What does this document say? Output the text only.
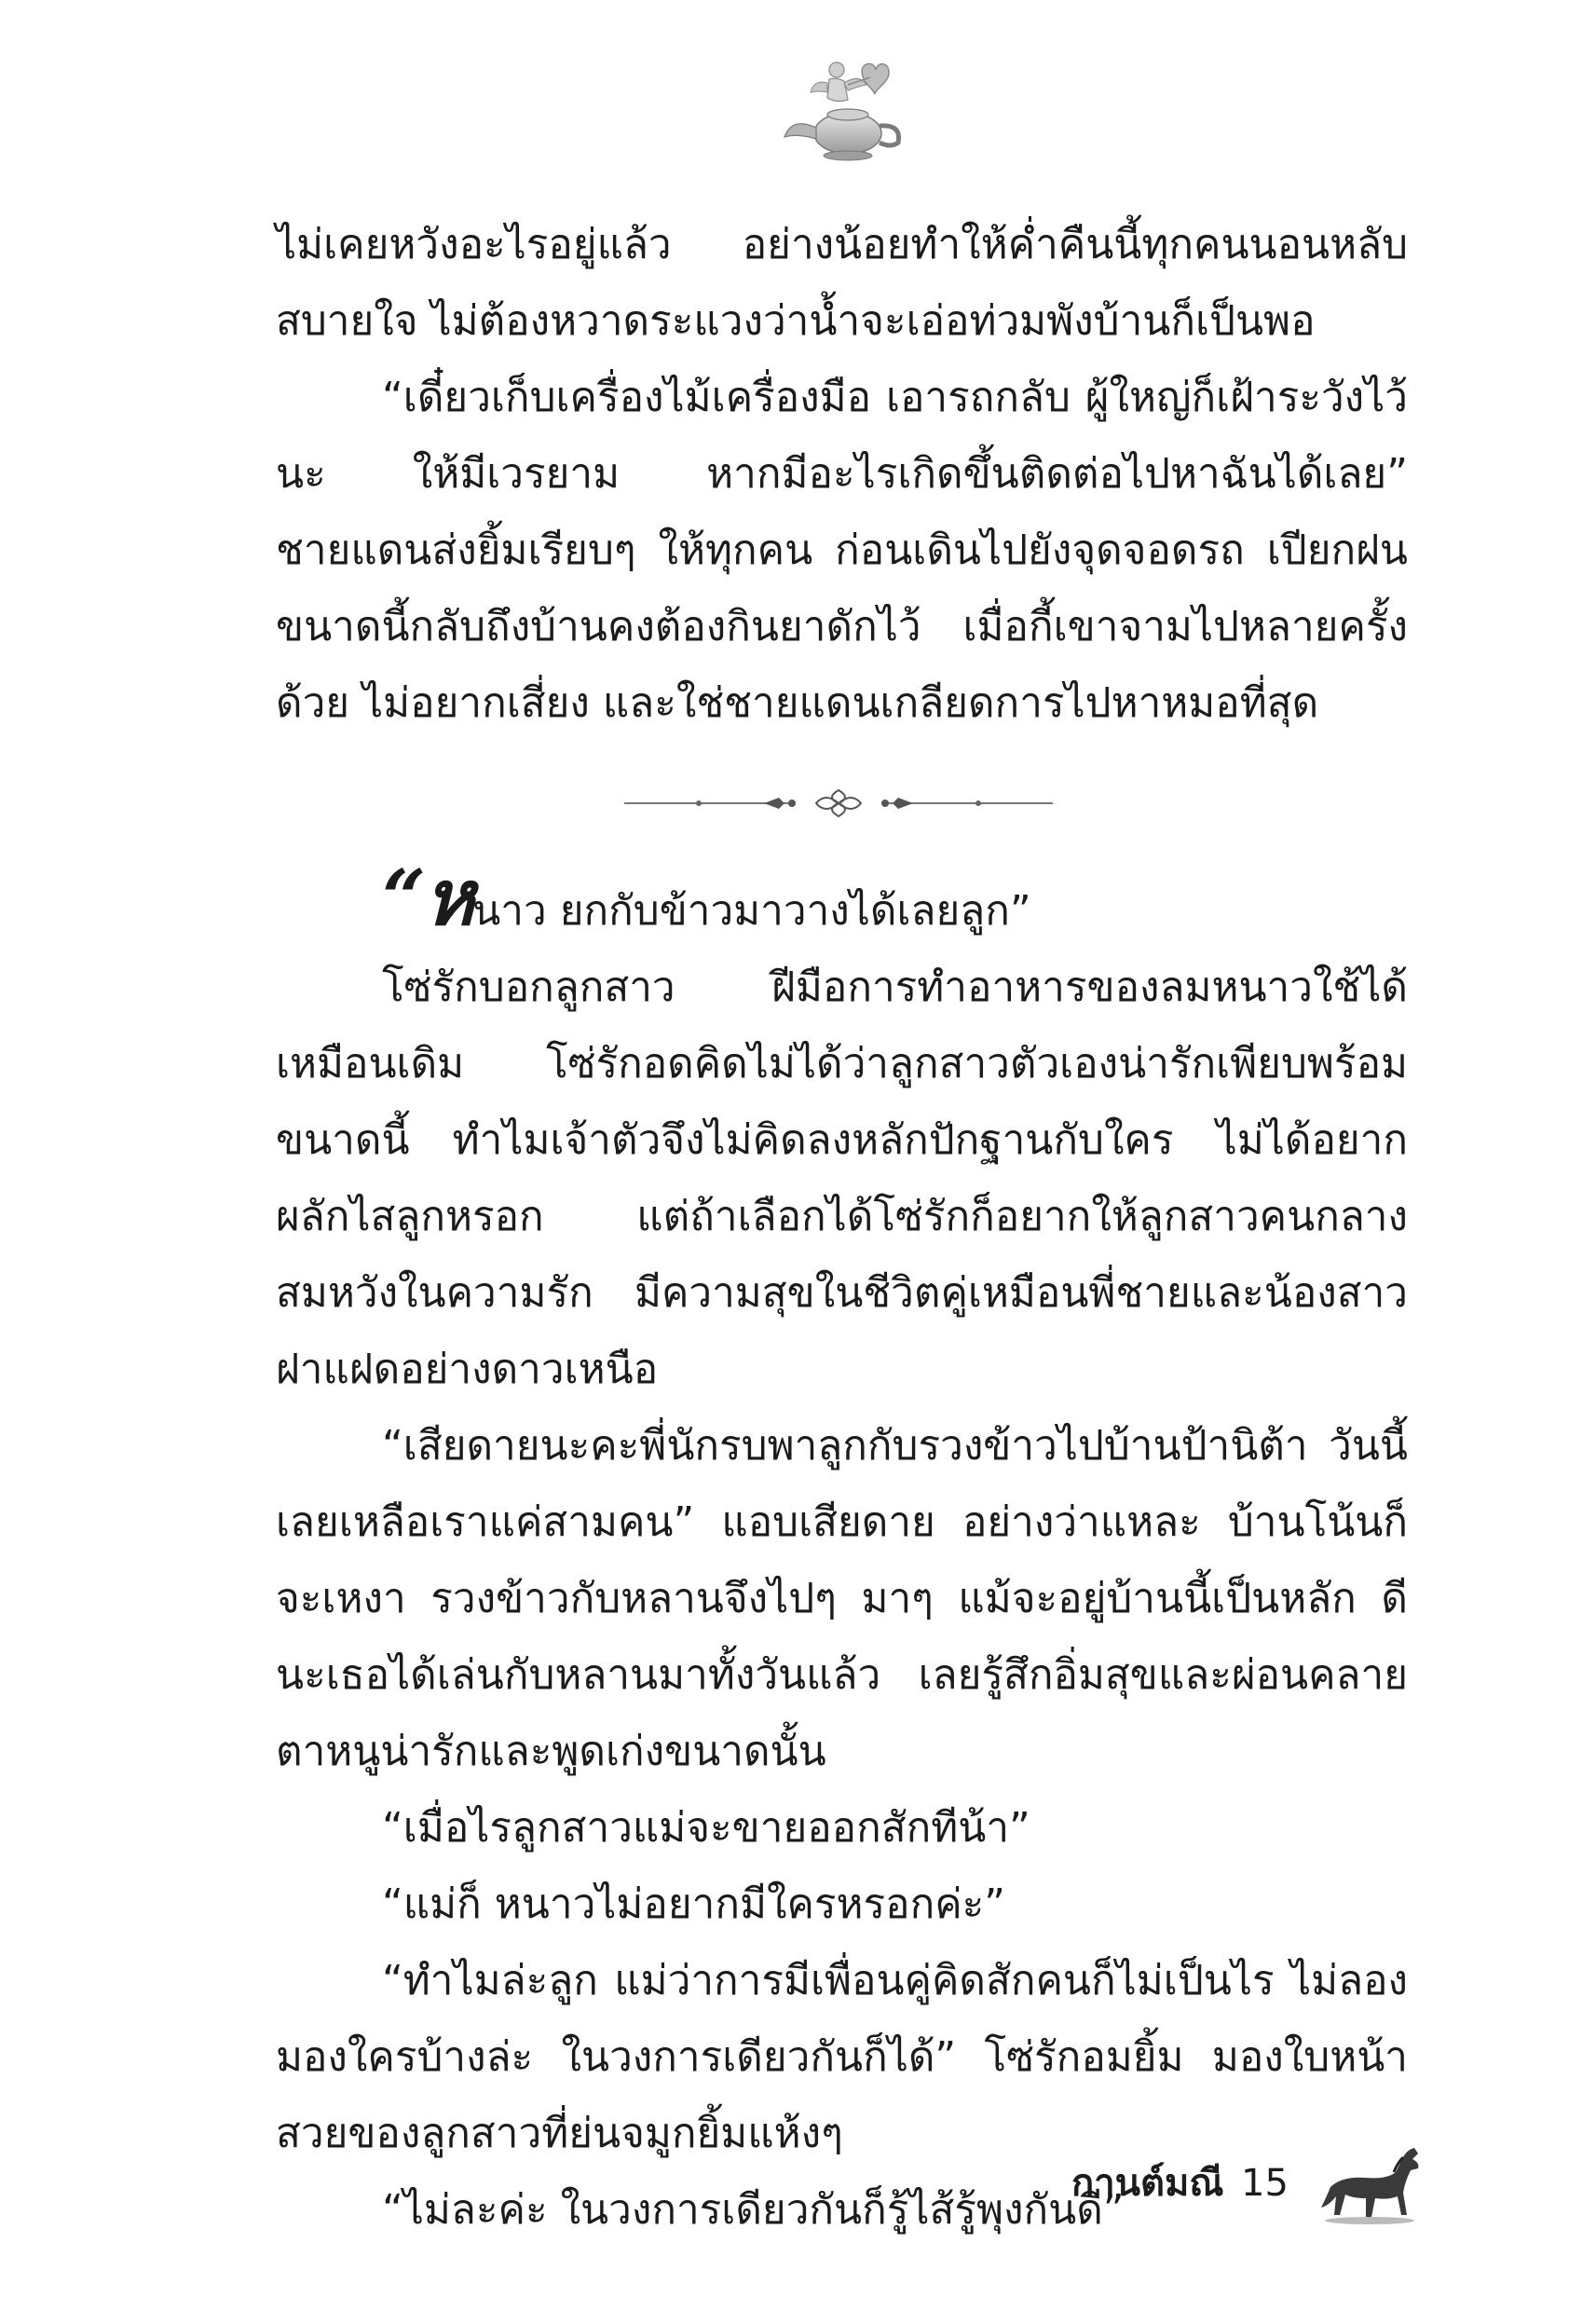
ไม่เคยหวังอะไรอยู่แล้ว อย่างน้อยทำให้ค่ำคืนนี้ทุกคนนอนหลับสบายใจ ไม่ต้องหวาดระแวงว่าน้ำจะเอ่อท่วมพังบ้านก็เป็นพอ

“เดี๋ยวเก็บเครื่องไม้เครื่องมือ เอารถกลับ ผู้ใหญ่ก็เฝ้าระวังไว้นะ ให้มีเวรยาม หากมีอะไรเกิดขึ้นติดต่อไปหาฉันได้เลย” ชายแดนส่งยิ้มเรียบๆ ให้ทุกคน ก่อนเดินไปยังจุดจอดรถ เปียกฝนขนาดนี้กลับถึงบ้านคงต้องกินยาดักไว้ เมื่อกี้เขาจามไปหลายครั้งด้วย ไม่อยากเสี่ยง และใช่ชายแดนเกลียดการไปหาหมอที่สุด

“หนาว ยกกับข้าวมาวางได้เลยลูก”

โซ่รักบอกลูกสาว ฝีมือการทำอาหารของลมหนาวใช้ได้เหมือนเดิม โซ่รักอดคิดไม่ได้ว่าลูกสาวตัวเองน่ารักเพียบพร้อมขนาดนี้ ทำไมเจ้าตัวจึงไม่คิดลงหลักปักฐานกับใคร ไม่ได้อยากผลักไสลูกหรอก แต่ถ้าเลือกได้โซ่รักก็อยากให้ลูกสาวคนกลางสมหวังในความรัก มีความสุขในชีวิตคู่เหมือนพี่ชายและน้องสาวฝาแฝดอย่างดาวเหนือ

“เสียดายนะคะพี่นักรบพาลูกกับรวงข้าวไปบ้านป้านิต้า วันนี้เลยเหลือเราแค่สามคน” แอบเสียดาย อย่างว่าแหละ บ้านโน้นก็จะเหงา รวงข้าวกับหลานจึงไปๆ มาๆ แม้จะอยู่บ้านนี้เป็นหลัก ดีนะเธอได้เล่นกับหลานมาทั้งวันแล้ว เลยรู้สึกอิ่มสุขและผ่อนคลาย ตาหนูน่ารักและพูดเก่งขนาดนั้น

“เมื่อไรลูกสาวแม่จะขายออกสักทีน้า”

“แม่ก็ หนาวไม่อยากมีใครหรอกค่ะ”

“ทำไมล่ะลูก แม่ว่าการมีเพื่อนคู่คิดสักคนก็ไม่เป็นไร ไม่ลองมองใครบ้างล่ะ ในวงการเดียวกันก็ได้” โซ่รักอมยิ้ม มองใบหน้าสวยของลูกสาวที่ย่นจมูกยิ้มแห้งๆ

“ไม่ละค่ะ ในวงการเดียวกันก็รู้ไส้รู้พุงกันดี”

กานต์มณี 15
